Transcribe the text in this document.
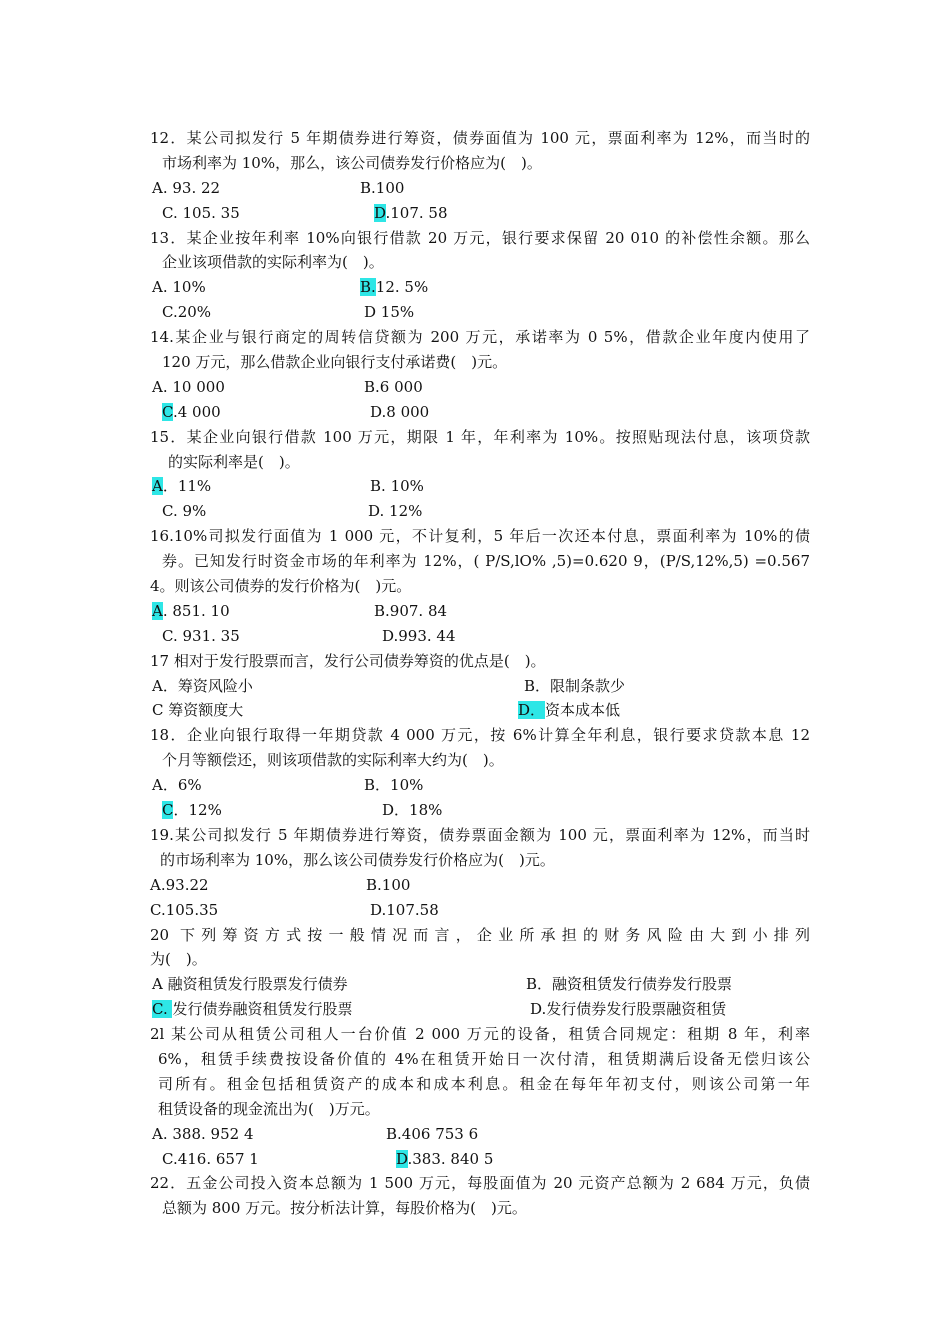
12．某公司拟发行 5 年期债券进行筹资，债券面值为 100 元，票面利率为 12%，而当时的
市场利率为 10%，那么，该公司债券发行价格应为(　)。
A. 93. 22	B.100
C. 105. 35	D.107. 58
13．某企业按年利率 10%向银行借款 20 万元，银行要求保留 20 010 的补偿性余额。那么
企业该项借款的实际利率为(　)。
A. 10%	B.12. 5%
C.20%	D 15%
14.某企业与银行商定的周转信贷额为 200 万元，承诺率为 0 5%，借款企业年度内使用了
120 万元，那么借款企业向银行支付承诺费(　)元。
A. 10 000	B.6 000
C.4 000	D.8 000
15．某企业向银行借款 100 万元，期限 1 年，年利率为 10%。按照贴现法付息，该项贷款
的实际利率是(　)。
A．11%	B. 10%
C. 9%	D. 12%
16.10%司拟发行面值为 1 000 元，不计复利，5 年后一次还本付息，票面利率为 10%的债
券。已知发行时资金市场的年利率为 12%，( P/S,lO% ,5)=0.620 9，(P/S,12%,5) =0.567
4。则该公司债券的发行价格为(　)元。
A. 851. 10	B.907. 84
C. 931. 35	D.993. 44
17 相对于发行股票而言，发行公司债券筹资的优点是(　)。
A．筹资风险小	B．限制条款少
C 筹资额度大	D．资本成本低
18．企业向银行取得一年期贷款 4 000 万元，按 6%计算全年利息，银行要求贷款本息 12
个月等额偿还，则该项借款的实际利率大约为(　)。
A．6%	B．10%
C．12%	D．18%
19.某公司拟发行 5 年期债券进行筹资，债券票面金额为 100 元，票面利率为 12%，而当时
的市场利率为 10%，那么该公司债券发行价格应为(　)元。
A.93.22	B.100
C.105.35	D.107.58
20 下列筹资方式按一般情况而言，企业所承担的财务风险由大到小排列
为(　)。
A 融资租赁发行股票发行债券	B．融资租赁发行债券发行股票
C. 发行债券融资租赁发行股票	D.发行债券发行股票融资租赁
2l 某公司从租赁公司租人一台价值 2 000 万元的设备，租赁合同规定：租期 8 年，利率
6%，租赁手续费按设备价值的 4%在租赁开始日一次付清，租赁期满后设备无偿归该公
司所有。租金包括租赁资产的成本和成本利息。租金在每年年初支付，则该公司第一年
租赁设备的现金流出为(　)万元。
A. 388. 952 4	B.406 753 6
C.416. 657 1	D.383. 840 5
22．五金公司投入资本总额为 1 500 万元，每股面值为 20 元资产总额为 2 684 万元，负债
总额为 800 万元。按分析法计算，每股价格为(　)元。
